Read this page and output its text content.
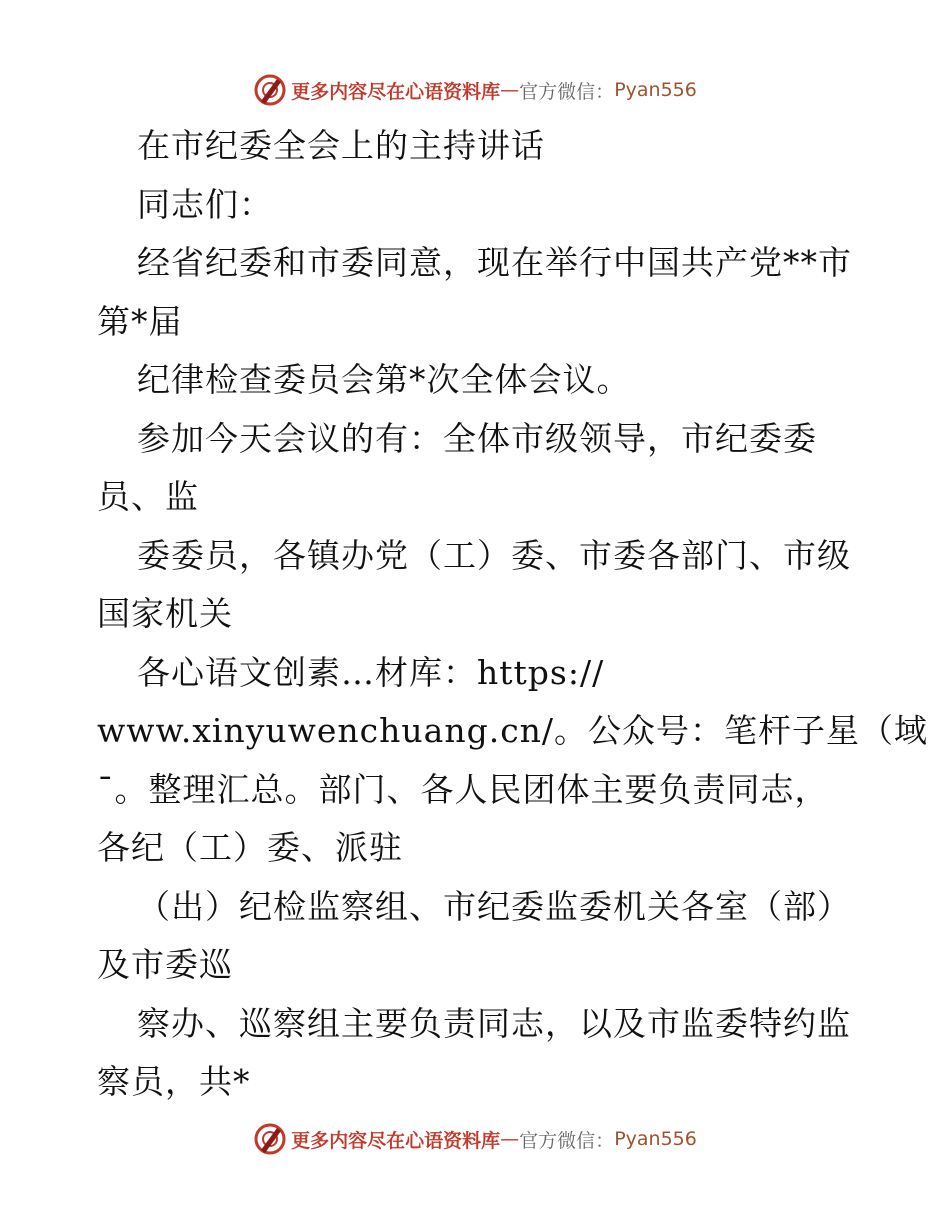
更多内容尽在心语资料库 — 官方微信： Pyan556
在市纪委全会上的主持讲话
同志们：
经省纪委和市委同意，现在举行中国共产党**市
第*届
纪律检查委员会第*次全体会议。
参加今天会议的有：全体市级领导，市纪委委
员、监
委委员，各镇办党（工）委、市委各部门、市级
国家机关
各心语文创素…材库：https://
www.xinyuwenchuang.cn/。公众号：笔杆子星（域
¯。整理汇总。部门、各人民团体主要负责同志，
各纪（工）委、派驻
（出）纪检监察组、市纪委监委机关各室（部）
及市委巡
察办、巡察组主要负责同志，以及市监委特约监
察员，共*
更多内容尽在心语资料库 — 官方微信： Pyan556
